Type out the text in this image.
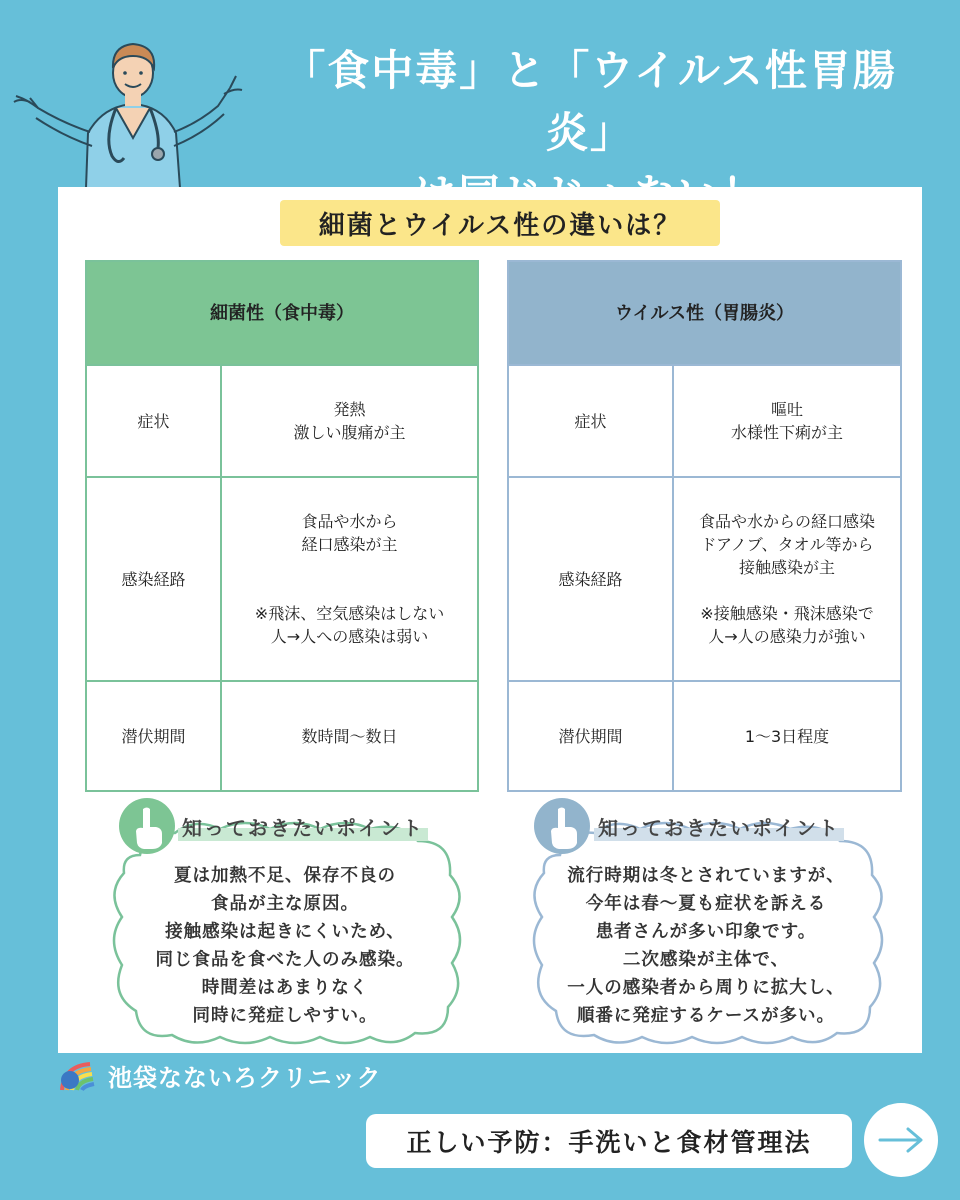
「食中毒」と「ウイルス性胃腸炎」
細菌とウイルス性の違いは？
細菌性（食中毒）	
症状	発熱
激しい腹痛が主
感染経路	食品や水から
経口感染が主

※飛沫、空気感染はしない
人→人への感染は弱い
潜伏期間	数時間〜数日
ウイルス性（胃腸炎）	
症状	嘔吐
水様性下痢が主
感染経路	食品や水からの経口感染
ドアノブ、タオル等から
接触感染が主

※接触感染・飛沫感染で
人→人の感染力が強い
潜伏期間	1〜3日程度
知っておきたいポイント
夏は加熱不足、保存不良の
食品が主な原因。
接触感染は起きにくいため、
同じ食品を食べた人のみ感染。
時間差はあまりなく
同時に発症しやすい。
知っておきたいポイント
流行時期は冬とされていますが、
今年は春〜夏も症状を訴える
患者さんが多い印象です。
二次感染が主体で、
一人の感染者から周りに拡大し、
順番に発症するケースが多い。
池袋なないろクリニック
正しい予防：手洗いと食材管理法
